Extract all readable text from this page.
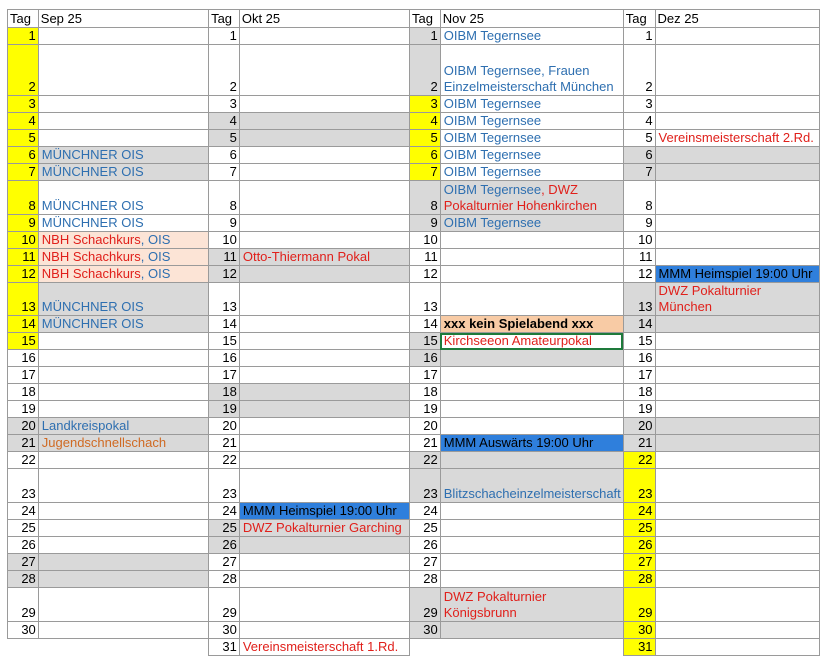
Tag	Sep 25	Tag	Okt 25	Tag	Nov 25	Tag	Dez 25
1		1		1	OIBM Tegernsee	1	
2		2		2	OIBM Tegernsee, Frauen Einzelmeisterschaft München	2	
3		3		3	OIBM Tegernsee	3	
4		4		4	OIBM Tegernsee	4	
5		5		5	OIBM Tegernsee	5	Vereinsmeisterschaft 2.Rd.
6	MÜNCHNER OIS	6		6	OIBM Tegernsee	6	
7	MÜNCHNER OIS	7		7	OIBM Tegernsee	7	
8	MÜNCHNER OIS	8		8	OIBM Tegernsee, DWZ Pokalturnier Hohenkirchen	8	
9	MÜNCHNER OIS	9		9	OIBM Tegernsee	9	
10	NBH Schachkurs, OIS	10		10		10	
11	NBH Schachkurs, OIS	11	Otto-Thiermann Pokal	11		11	
12	NBH Schachkurs, OIS	12		12		12	MMM Heimspiel 19:00 Uhr
13	MÜNCHNER OIS	13		13		13	DWZ Pokalturnier München
14	MÜNCHNER OIS	14		14	xxx kein Spielabend xxx	14	
15		15		15	Kirchseeon Amateurpokal	15	
16		16		16		16	
17		17		17		17	
18		18		18		18	
19		19		19		19	
20	Landkreispokal	20		20		20	
21	Jugendschnellschach	21		21	MMM Auswärts 19:00 Uhr	21	
22		22		22		22	
23		23		23	Blitzschacheinzelmeisterschaft	23	
24		24	MMM Heimspiel 19:00 Uhr	24		24	
25		25	DWZ Pokalturnier Garching	25		25	
26		26		26		26	
27		27		27		27	
28		28		28		28	
29		29		29	DWZ Pokalturnier Königsbrunn	29	
30		30		30		30	
		31	Vereinsmeisterschaft 1.Rd.			31	
